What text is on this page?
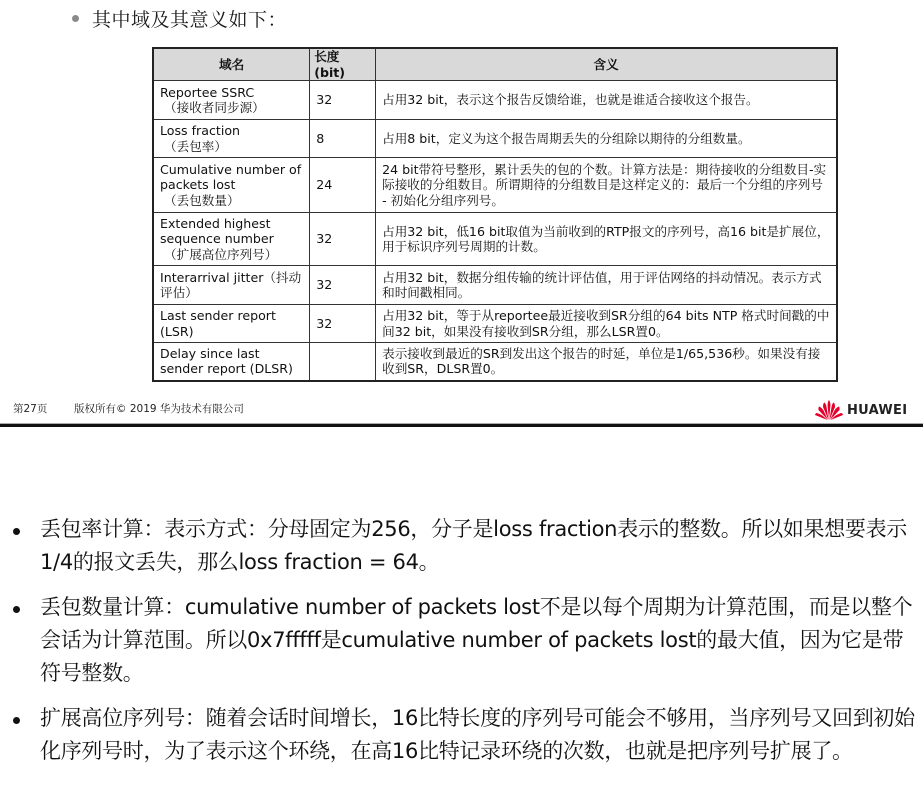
其中域及其意义如下：
域名	长度(bit)	含义
Reportee SSRC
（接收者同步源）	32	占用32 bit，表示这个报告反馈给谁，也就是谁适合接收这个报告。
Loss fraction
（丢包率）	8	占用8 bit，定义为这个报告周期丢失的分组除以期待的分组数量。
Cumulative number of packets lost
（丢包数量）	24	24 bit带符号整形，累计丢失的包的个数。计算方法是：期待接收的分组数目-实际接收的分组数目。所谓期待的分组数目是这样定义的：最后一个分组的序列号 - 初始化分组序列号。
Extended highest sequence number
（扩展高位序列号）	32	占用32 bit，低16 bit取值为当前收到的RTP报文的序列号，高16 bit是扩展位，用于标识序列号周期的计数。
Interarrival jitter（抖动评估）	32	占用32 bit，数据分组传输的统计评估值，用于评估网络的抖动情况。表示方式和时间戳相同。
Last sender report (LSR)	32	占用32 bit，等于从reportee最近接收到SR分组的64 bits NTP 格式时间戳的中间32 bit，如果没有接收到SR分组，那么LSR置0。
Delay since last sender report (DLSR)		表示接收到最近的SR到发出这个报告的时延，单位是1/65,536秒。如果没有接收到SR，DLSR置0。
第27页	版权所有© 2019 华为技术有限公司	HUAWEI
丢包率计算：表示方式：分母固定为256，分子是loss fraction表示的整数。所以如果想要表示1/4的报文丢失，那么loss fraction = 64。
丢包数量计算：cumulative number of packets lost不是以每个周期为计算范围，而是以整个会话为计算范围。所以0x7fffff是cumulative number of packets lost的最大值，因为它是带符号整数。
扩展高位序列号：随着会话时间增长，16比特长度的序列号可能会不够用，当序列号又回到初始化序列号时，为了表示这个环绕，在高16比特记录环绕的次数，也就是把序列号扩展了。
